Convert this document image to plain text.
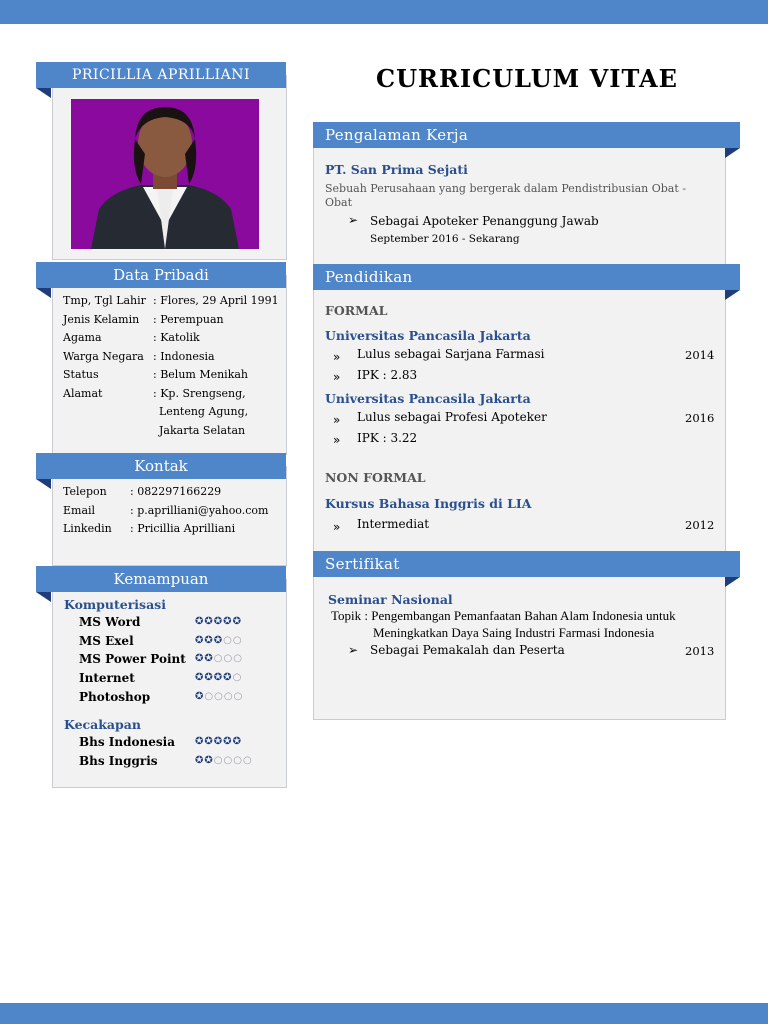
PRICILLIA APRILLIANI
Data Pribadi
Tmp, Tgl Lahir : Flores, 29 April 1991
Jenis Kelamin : Perempuan
Agama	: Katolik
Warga Negara : Indonesia
Status	: Belum Menikah
Alamat	: Kp. Srengseng,
Lenteng Agung,
Jakarta Selatan
Kontak
Telepon : 082297166229
Email	: p.aprilliani@yahoo.com
Linkedin : Pricillia Aprilliani
Kemampuan
Komputerisasi
MS Word	✪✪✪✪✪
MS Exel	✪✪✪○○
MS Power Point ✪✪○○○
Internet	✪✪✪✪○
Photoshop	✪○○○○
Kecakapan
Bhs Indonesia ✪✪✪✪✪
Bhs Inggris	✪✪○○○○
CURRICULUM VITAE
Pengalaman Kerja
PT. San Prima Sejati
Sebuah Perusahaan yang bergerak dalam Pendistribusian Obat -
Obat
➢ Sebagai Apoteker Penanggung Jawab
September 2016 - Sekarang
Pendidikan
FORMAL
Universitas Pancasila Jakarta
» Lulus sebagai Sarjana Farmasi	2014
» IPK : 2.83
Universitas Pancasila Jakarta
» Lulus sebagai Profesi Apoteker	2016
» IPK : 3.22
NON FORMAL
Kursus Bahasa Inggris di LIA
» Intermediat	2012
Sertifikat
Seminar Nasional
Topik : Pengembangan Pemanfaatan Bahan Alam Indonesia untuk
Meningkatkan Daya Saing Industri Farmasi Indonesia
➢ Sebagai Pemakalah dan Peserta	2013
